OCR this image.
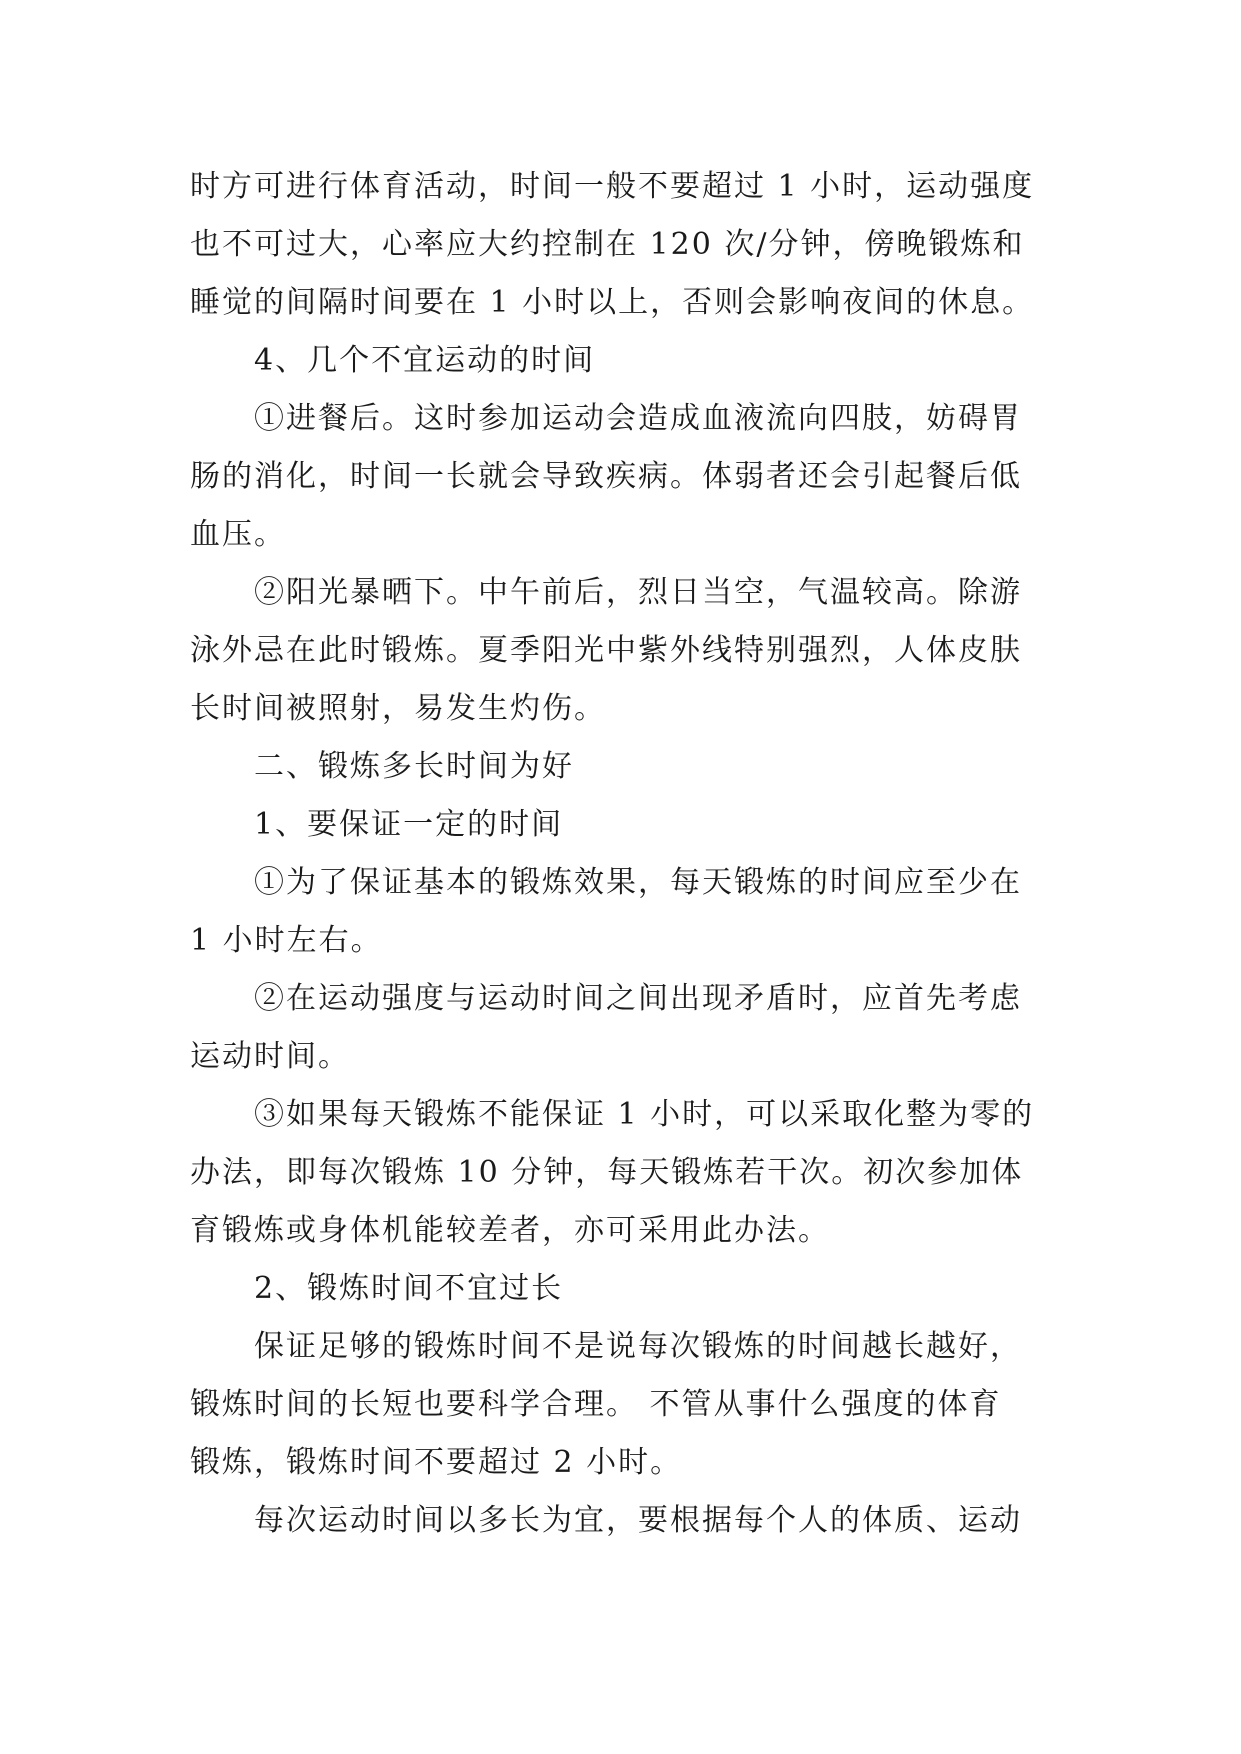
时方可进行体育活动，时间一般不要超过 1 小时，运动强度
也不可过大，心率应大约控制在 120 次/分钟，傍晚锻炼和
睡觉的间隔时间要在 1 小时以上，否则会影响夜间的休息。
4、几个不宜运动的时间
①进餐后。这时参加运动会造成血液流向四肢，妨碍胃
肠的消化，时间一长就会导致疾病。体弱者还会引起餐后低
血压。
②阳光暴晒下。中午前后，烈日当空，气温较高。除游
泳外忌在此时锻炼。夏季阳光中紫外线特别强烈，人体皮肤
长时间被照射，易发生灼伤。
二、锻炼多长时间为好
1、要保证一定的时间
①为了保证基本的锻炼效果，每天锻炼的时间应至少在
1 小时左右。
②在运动强度与运动时间之间出现矛盾时，应首先考虑
运动时间。
③如果每天锻炼不能保证 1 小时，可以采取化整为零的
办法，即每次锻炼 10 分钟，每天锻炼若干次。初次参加体
育锻炼或身体机能较差者，亦可采用此办法。
2、锻炼时间不宜过长
保证足够的锻炼时间不是说每次锻炼的时间越长越好，
锻炼时间的长短也要科学合理。 不管从事什么强度的体育
锻炼，锻炼时间不要超过 2 小时。
每次运动时间以多长为宜，要根据每个人的体质、运动
